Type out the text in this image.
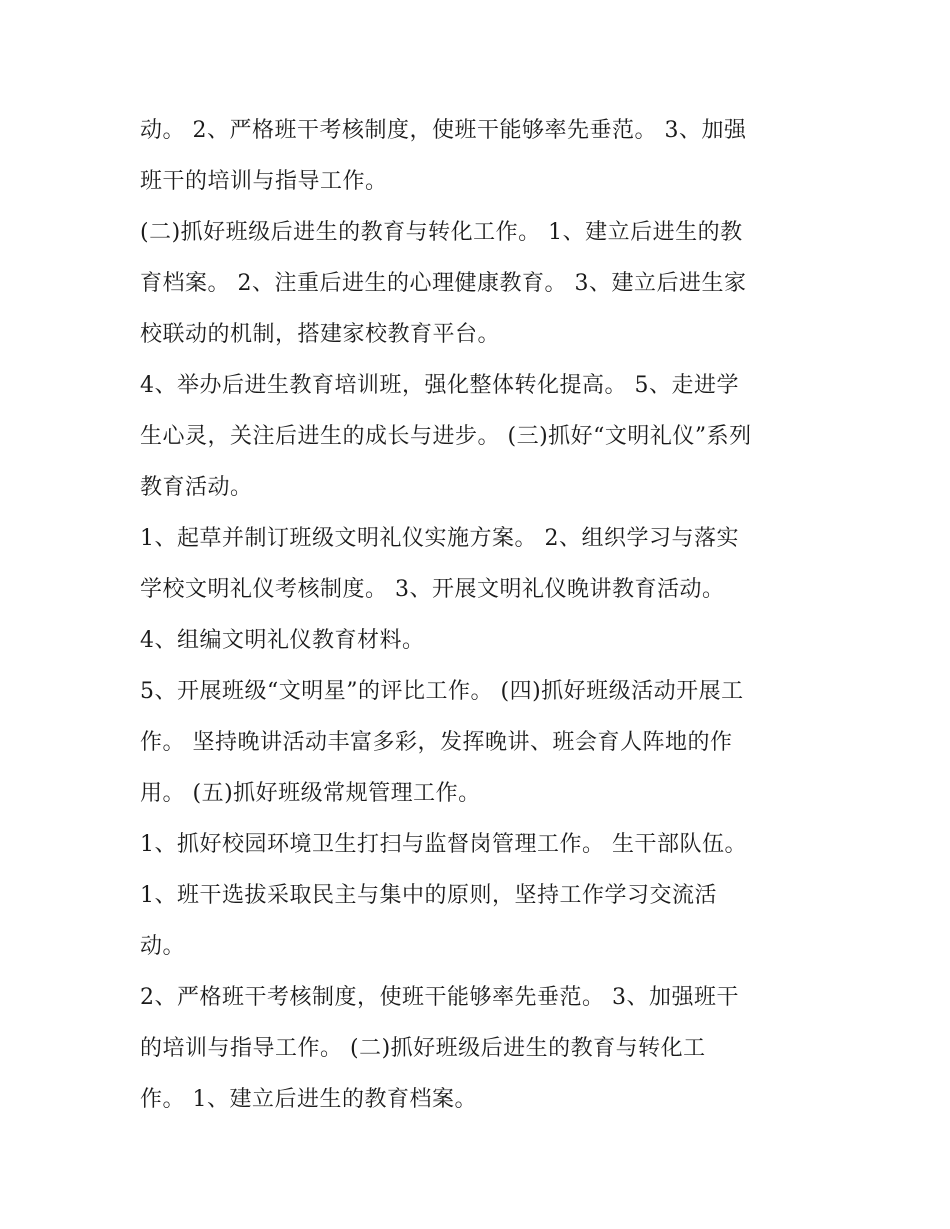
动。 2、严格班干考核制度，使班干能够率先垂范。 3、加强
班干的培训与指导工作。
(二)抓好班级后进生的教育与转化工作。 1、建立后进生的教
育档案。 2、注重后进生的心理健康教育。 3、建立后进生家
校联动的机制，搭建家校教育平台。
4、举办后进生教育培训班，强化整体转化提高。 5、走进学
生心灵，关注后进生的成长与进步。 (三)抓好“文明礼仪”系列
教育活动。
1、起草并制订班级文明礼仪实施方案。 2、组织学习与落实
学校文明礼仪考核制度。 3、开展文明礼仪晚讲教育活动。
4、组编文明礼仪教育材料。
5、开展班级“文明星”的评比工作。 (四)抓好班级活动开展工
作。 坚持晚讲活动丰富多彩，发挥晚讲、班会育人阵地的作
用。 (五)抓好班级常规管理工作。
1、抓好校园环境卫生打扫与监督岗管理工作。 生干部队伍。
1、班干选拔采取民主与集中的原则，坚持工作学习交流活
动。
2、严格班干考核制度，使班干能够率先垂范。 3、加强班干
的培训与指导工作。 (二)抓好班级后进生的教育与转化工
作。 1、建立后进生的教育档案。
